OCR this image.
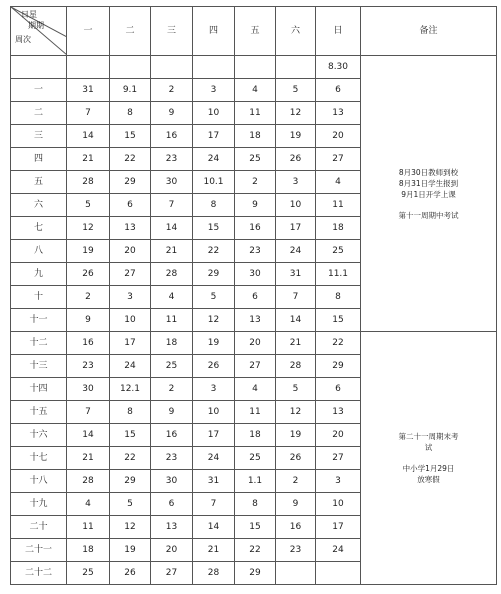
日星
期期
周次	一	二	三	四	五	六	日	备注
							8.30	8月30日教师到校
8月31日学生报到
9月1日开学上课
第十一周期中考试

一	31	9.1	2	3	4	5	6	
二	7	8	9	10	11	12	13	
三	14	15	16	17	18	19	20	
四	21	22	23	24	25	26	27	
五	28	29	30	10.1	2	3	4	
六	5	6	7	8	9	10	11	
七	12	13	14	15	16	17	18	
八	19	20	21	22	23	24	25	
九	26	27	28	29	30	31	11.1	
十	2	3	4	5	6	7	8	
十一	9	10	11	12	13	14	15	
十二	16	17	18	19	20	21	22	第二十一周期末考
试
中小学1月29日
放寒假

十三	23	24	25	26	27	28	29	
十四	30	12.1	2	3	4	5	6	
十五	7	8	9	10	11	12	13	
十六	14	15	16	17	18	19	20	
十七	21	22	23	24	25	26	27	
十八	28	29	30	31	1.1	2	3	
十九	4	5	6	7	8	9	10	
二十	11	12	13	14	15	16	17	
二十一	18	19	20	21	22	23	24	
二十二	25	26	27	28	29			
